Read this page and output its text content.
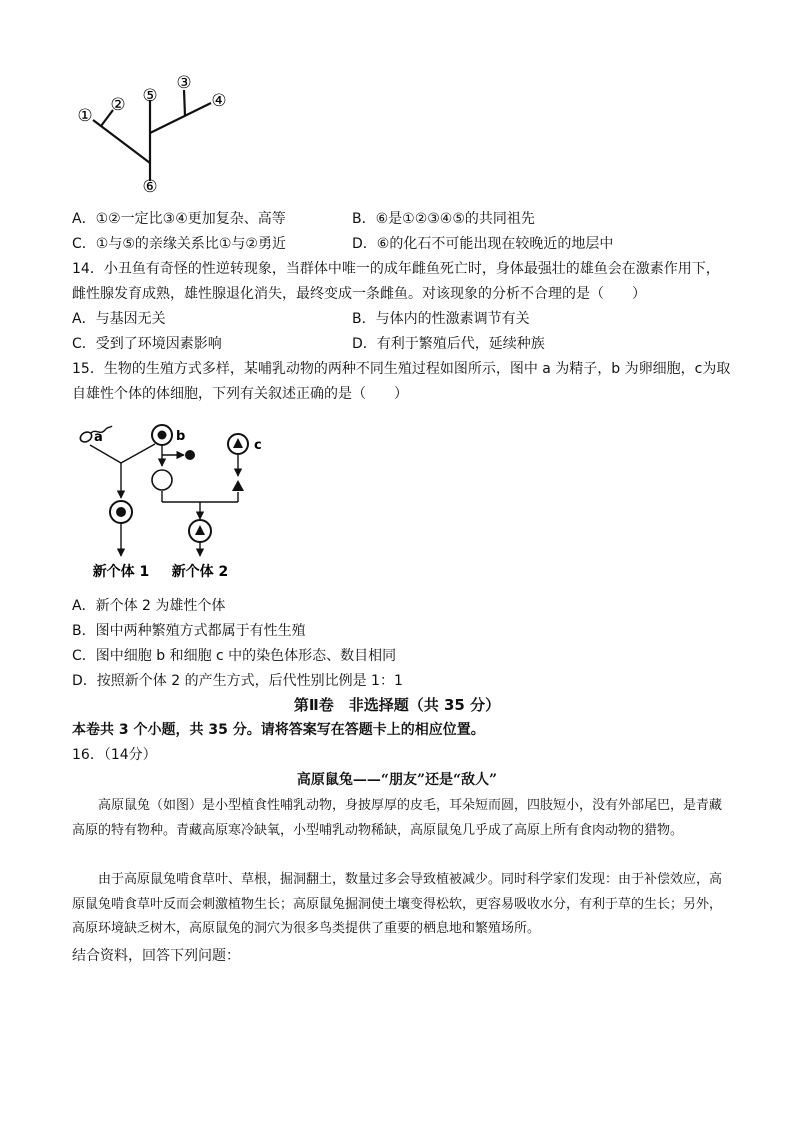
①
② ⑤
③
④
⑥
A．①②一定比③④更加复杂、高等	B．⑥是①②③④⑤的共同祖先
C．①与⑤的亲缘关系比①与②勇近	D．⑥的化石不可能出现在较晚近的地层中
14．小丑鱼有奇怪的性逆转现象，当群体中唯一的成年雌鱼死亡时，身体最强壮的雄鱼会在激素作用下，
雌性腺发育成熟，雄性腺退化消失，最终变成一条雌鱼。对该现象的分析不合理的是（　　）
A．与基因无关	B．与体内的性激素调节有关
C．受到了环境因素影响	D．有利于繁殖后代，延续种族
15．生物的生殖方式多样，某哺乳动物的两种不同生殖过程如图所示，图中 a 为精子，b 为卵细胞，c为取
自雄性个体的体细胞，下列有关叙述正确的是（　　）
a	b
c
新个体 1 新个体 2
A．新个体 2 为雄性个体
B．图中两种繁殖方式都属于有性生殖
C．图中细胞 b 和细胞 c 中的染色体形态、数目相同
D．按照新个体 2 的产生方式，后代性别比例是 1：1
第Ⅱ卷　非选择题（共 35 分）
本卷共 3 个小题，共 35 分。请将答案写在答题卡上的相应位置。
16．（14分）
高原鼠兔——“朋友”还是“敌人”
高原鼠兔（如图）是小型植食性哺乳动物，身披厚厚的皮毛，耳朵短而圆，四肢短小，没有外部尾巴，是青藏高原的特有物种。青藏高原寒冷缺氧，小型哺乳动物稀缺，高原鼠兔几乎成了高原上所有食肉动物的猎物。
由于高原鼠兔啃食草叶、草根，掘洞翻土，数量过多会导致植被减少。同时科学家们发现：由于补偿效应，高原鼠兔啃食草叶反而会刺激植物生长；高原鼠兔掘洞使土壤变得松软，更容易吸收水分，有利于草的生长；另外，高原环境缺乏树木，高原鼠兔的洞穴为很多鸟类提供了重要的栖息地和繁殖场所。
结合资料，回答下列问题：
